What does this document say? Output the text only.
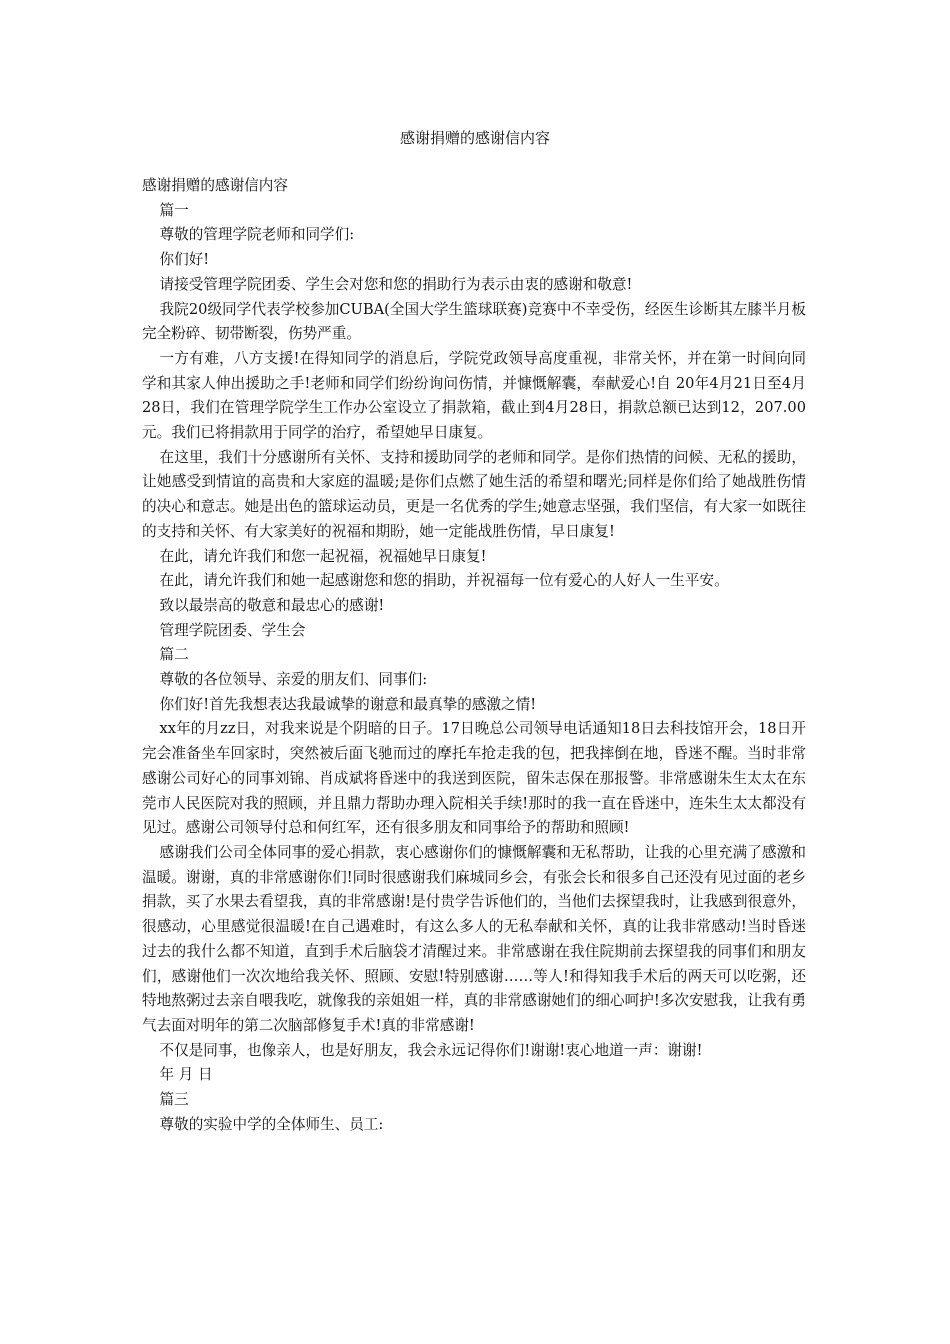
感谢捐赠的感谢信内容

感谢捐赠的感谢信内容

篇一

尊敬的管理学院老师和同学们:

你们好!

请接受管理学院团委、学生会对您和您的捐助行为表示由衷的感谢和敬意!

我院20级同学代表学校参加CUBA(全国大学生篮球联赛)竞赛中不幸受伤，经医生诊断其左膝半月板完全粉碎、韧带断裂，伤势严重。

一方有难，八方支援!在得知同学的消息后，学院党政领导高度重视，非常关怀，并在第一时间向同学和其家人伸出援助之手!老师和同学们纷纷询问伤情，并慷慨解囊，奉献爱心!自 20年4月21日至4月28日，我们在管理学院学生工作办公室设立了捐款箱，截止到4月28日，捐款总额已达到12，207.00元。我们已将捐款用于同学的治疗，希望她早日康复。

在这里，我们十分感谢所有关怀、支持和援助同学的老师和同学。是你们热情的问候、无私的援助，让她感受到情谊的高贵和大家庭的温暖;是你们点燃了她生活的希望和曙光;同样是你们给了她战胜伤情的决心和意志。她是出色的篮球运动员，更是一名优秀的学生;她意志坚强，我们坚信，有大家一如既往的支持和关怀、有大家美好的祝福和期盼，她一定能战胜伤情，早日康复!

在此，请允许我们和您一起祝福，祝福她早日康复!

在此，请允许我们和她一起感谢您和您的捐助，并祝福每一位有爱心的人好人一生平安。

致以最崇高的敬意和最忠心的感谢!

管理学院团委、学生会

篇二

尊敬的各位领导、亲爱的朋友们、同事们:

你们好!首先我想表达我最诚挚的谢意和最真挚的感激之情!

xx年的月zz日，对我来说是个阴暗的日子。17日晚总公司领导电话通知18日去科技馆开会，18日开完会准备坐车回家时，突然被后面飞驰而过的摩托车抢走我的包，把我摔倒在地，昏迷不醒。当时非常感谢公司好心的同事刘锦、肖成斌将昏迷中的我送到医院，留朱志保在那报警。非常感谢朱生太太在东莞市人民医院对我的照顾，并且鼎力帮助办理入院相关手续!那时的我一直在昏迷中，连朱生太太都没有见过。感谢公司领导付总和何红军，还有很多朋友和同事给予的帮助和照顾!

感谢我们公司全体同事的爱心捐款，衷心感谢你们的慷慨解囊和无私帮助，让我的心里充满了感激和温暖。谢谢，真的非常感谢你们!同时很感谢我们麻城同乡会，有张会长和很多自己还没有见过面的老乡捐款，买了水果去看望我，真的非常感谢!是付贵学告诉他们的，当他们去探望我时，让我感到很意外，很感动，心里感觉很温暖!在自己遇难时，有这么多人的无私奉献和关怀，真的让我非常感动!当时昏迷过去的我什么都不知道，直到手术后脑袋才清醒过来。非常感谢在我住院期前去探望我的同事们和朋友们，感谢他们一次次地给我关怀、照顾、安慰!特别感谢……等人!和得知我手术后的两天可以吃粥，还特地熬粥过去亲自喂我吃，就像我的亲姐姐一样，真的非常感谢她们的细心呵护!多次安慰我，让我有勇气去面对明年的第二次脑部修复手术!真的非常感谢!

不仅是同事，也像亲人，也是好朋友，我会永远记得你们!谢谢!衷心地道一声：谢谢!

年 月 日

篇三

尊敬的实验中学的全体师生、员工:
